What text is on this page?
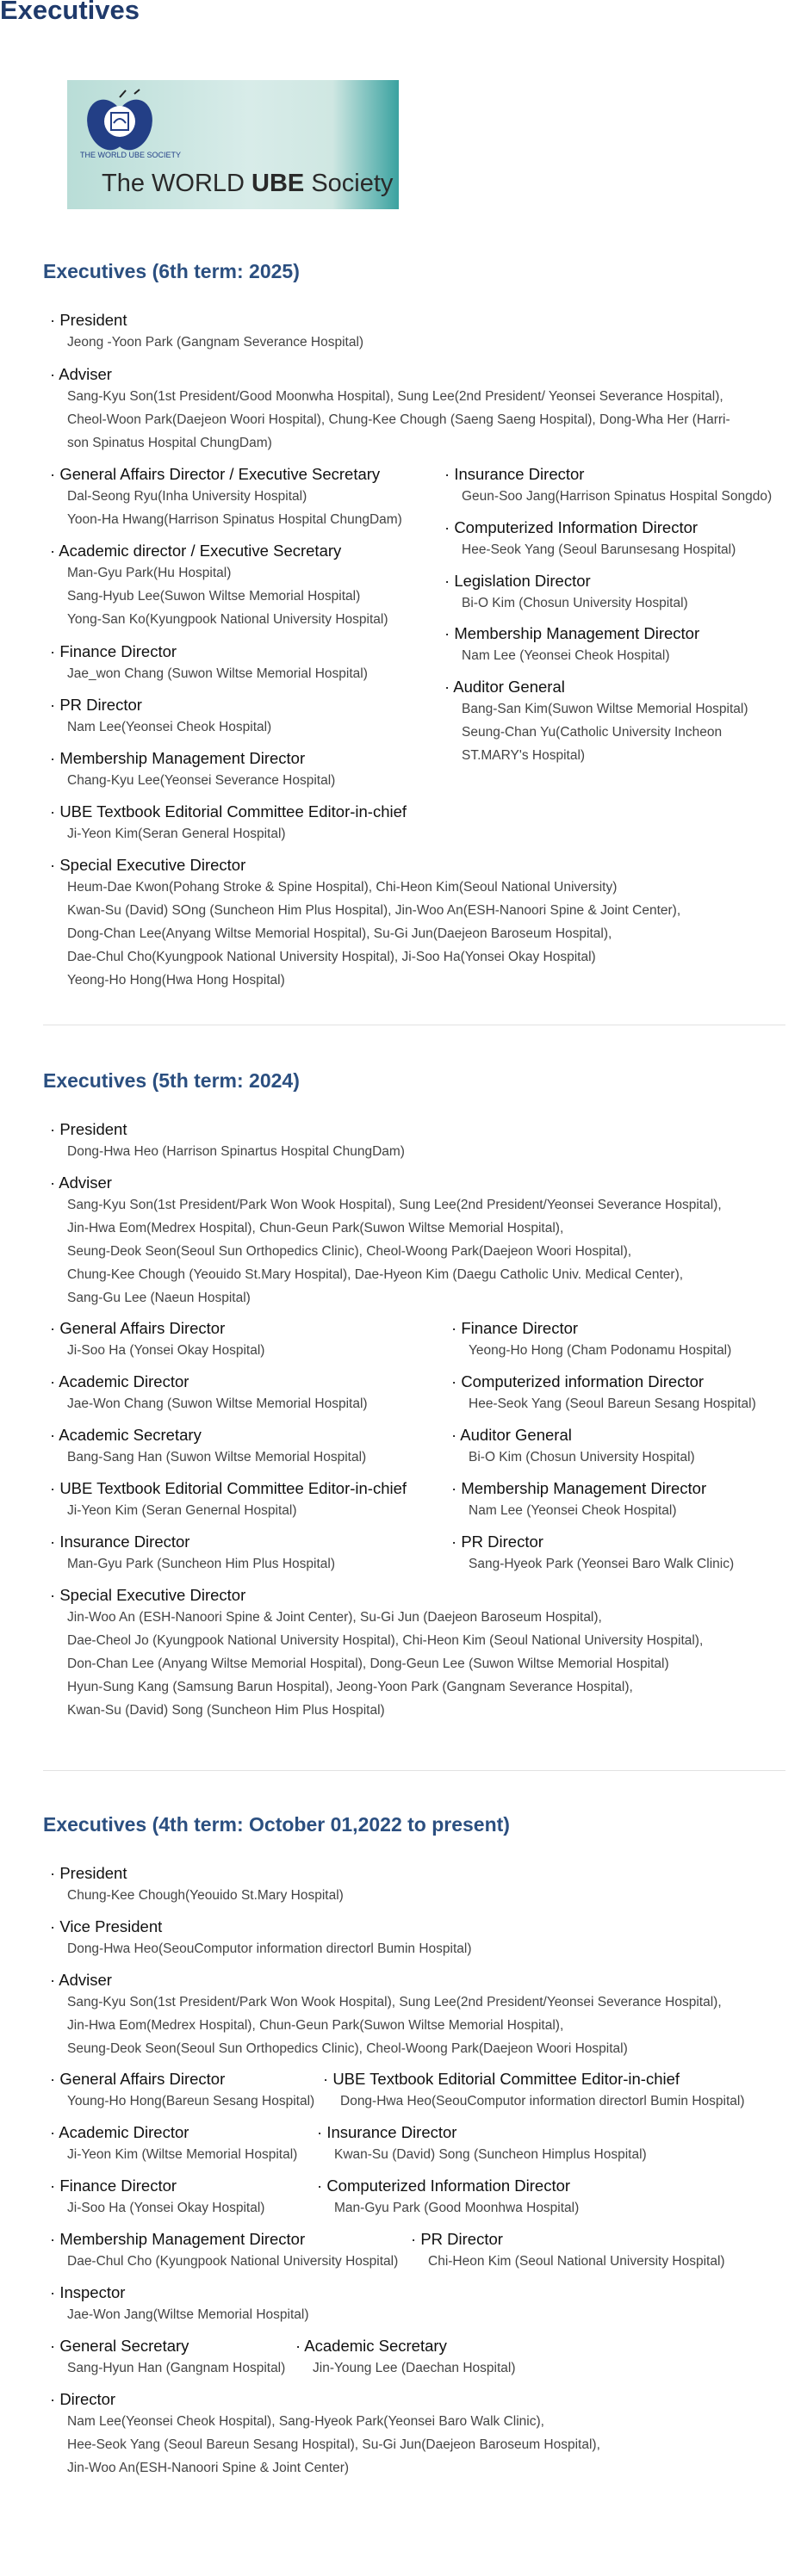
Executives
The WORLD UBE Society
THE WORLD UBE SOCIETY
Executives (6th term: 2025)
· President
Jeong -Yoon Park (Gangnam Severance Hospital)
· Adviser
Sang-Kyu Son(1st President/Good Moonwha Hospital), Sung Lee(2nd President/ Yeonsei Severance Hospital),
Cheol-Woon Park(Daejeon Woori Hospital), Chung-Kee Chough (Saeng Saeng Hospital), Dong-Wha Her (Harri-
son Spinatus Hospital ChungDam)
· General Affairs Director / Executive Secretary
Dal-Seong Ryu(Inha University Hospital)
Yoon-Ha Hwang(Harrison Spinatus Hospital ChungDam)
· Academic director / Executive Secretary
Man-Gyu Park(Hu Hospital)
Sang-Hyub Lee(Suwon Wiltse Memorial Hospital)
Yong-San Ko(Kyungpook National University Hospital)
· Finance Director
Jae_won Chang (Suwon Wiltse Memorial Hospital)
· PR Director
Nam Lee(Yeonsei Cheok Hospital)
· Membership Management Director
Chang-Kyu Lee(Yeonsei Severance Hospital)
· UBE Textbook Editorial Committee Editor-in-chief
Ji-Yeon Kim(Seran General Hospital)
· Special Executive Director
Heum-Dae Kwon(Pohang Stroke & Spine Hospital), Chi-Heon Kim(Seoul National University)
Kwan-Su (David) SOng (Suncheon Him Plus Hospital), Jin-Woo An(ESH-Nanoori Spine & Joint Center),
Dong-Chan Lee(Anyang Wiltse Memorial Hospital), Su-Gi Jun(Daejeon Baroseum Hospital),
Dae-Chul Cho(Kyungpook National University Hospital), Ji-Soo Ha(Yonsei Okay Hospital)
Yeong-Ho Hong(Hwa Hong Hospital)
· Insurance Director
Geun-Soo Jang(Harrison Spinatus Hospital Songdo)
· Computerized Information Director
Hee-Seok Yang (Seoul Barunsesang Hospital)
· Legislation Director
Bi-O Kim (Chosun University Hospital)
· Membership Management Director
Nam Lee (Yeonsei Cheok Hospital)
· Auditor General
Bang-San Kim(Suwon Wiltse Memorial Hospital)
Seung-Chan Yu(Catholic University Incheon
ST.MARY's Hospital)
Executives (5th term: 2024)
· President
Dong-Hwa Heo (Harrison Spinartus Hospital ChungDam)
· Adviser
Sang-Kyu Son(1st President/Park Won Wook Hospital), Sung Lee(2nd President/Yeonsei Severance Hospital),
Jin-Hwa Eom(Medrex Hospital), Chun-Geun Park(Suwon Wiltse Memorial Hospital),
Seung-Deok Seon(Seoul Sun Orthopedics Clinic), Cheol-Woong Park(Daejeon Woori Hospital),
Chung-Kee Chough (Yeouido St.Mary Hospital), Dae-Hyeon Kim (Daegu Catholic Univ. Medical Center),
Sang-Gu Lee (Naeun Hospital)
· General Affairs Director
Ji-Soo Ha (Yonsei Okay Hospital)
· Academic Director
Jae-Won Chang (Suwon Wiltse Memorial Hospital)
· Academic Secretary
Bang-Sang Han (Suwon Wiltse Memorial Hospital)
· UBE Textbook Editorial Committee Editor-in-chief
Ji-Yeon Kim (Seran Genernal Hospital)
· Insurance Director
Man-Gyu Park (Suncheon Him Plus Hospital)
· Special Executive Director
Jin-Woo An (ESH-Nanoori Spine & Joint Center), Su-Gi Jun (Daejeon Baroseum Hospital),
Dae-Cheol Jo (Kyungpook National University Hospital), Chi-Heon Kim (Seoul National University Hospital),
Don-Chan Lee (Anyang Wiltse Memorial Hospital), Dong-Geun Lee (Suwon Wiltse Memorial Hospital)
Hyun-Sung Kang (Samsung Barun Hospital), Jeong-Yoon Park (Gangnam Severance Hospital),
Kwan-Su (David) Song (Suncheon Him Plus Hospital)
· Finance Director
Yeong-Ho Hong (Cham Podonamu Hospital)
· Computerized information Director
Hee-Seok Yang (Seoul Bareun Sesang Hospital)
· Auditor General
Bi-O Kim (Chosun University Hospital)
· Membership Management Director
Nam Lee (Yeonsei Cheok Hospital)
· PR Director
Sang-Hyeok Park (Yeonsei Baro Walk Clinic)
Executives (4th term: October 01,2022 to present)
· President
Chung-Kee Chough(Yeouido St.Mary Hospital)
· Vice President
Dong-Hwa Heo(SeouComputor information directorl Bumin Hospital)
· Adviser
Sang-Kyu Son(1st President/Park Won Wook Hospital), Sung Lee(2nd President/Yeonsei Severance Hospital),
Jin-Hwa Eom(Medrex Hospital), Chun-Geun Park(Suwon Wiltse Memorial Hospital),
Seung-Deok Seon(Seoul Sun Orthopedics Clinic), Cheol-Woong Park(Daejeon Woori Hospital)
· General Affairs Director
Young-Ho Hong(Bareun Sesang Hospital)
· UBE Textbook Editorial Committee Editor-in-chief
Dong-Hwa Heo(SeouComputor information directorl Bumin Hospital)
· Academic Director
Ji-Yeon Kim (Wiltse Memorial Hospital)
· Insurance Director
Kwan-Su (David) Song (Suncheon Himplus Hospital)
· Finance Director
Ji-Soo Ha (Yonsei Okay Hospital)
· Computerized Information Director
Man-Gyu Park (Good Moonhwa Hospital)
· Membership Management Director
Dae-Chul Cho (Kyungpook National University Hospital)
· PR Director
Chi-Heon Kim (Seoul National University Hospital)
· Inspector
Jae-Won Jang(Wiltse Memorial Hospital)
· General Secretary
Sang-Hyun Han (Gangnam Hospital)
· Academic Secretary
Jin-Young Lee (Daechan Hospital)
· Director
Nam Lee(Yeonsei Cheok Hospital), Sang-Hyeok Park(Yeonsei Baro Walk Clinic),
Hee-Seok Yang (Seoul Bareun Sesang Hospital), Su-Gi Jun(Daejeon Baroseum Hospital),
Jin-Woo An(ESH-Nanoori Spine & Joint Center)
